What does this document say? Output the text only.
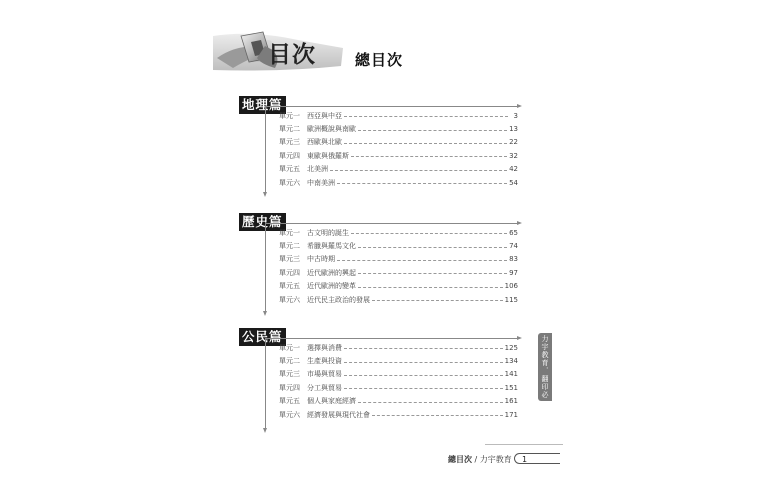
目次	總目次
地理篇
單元一	西亞與中亞	3
單元二	歐洲概說與南歐	13
單元三	西歐與北歐	22
單元四	東歐與俄羅斯	32
單元五	北美洲	42
單元六	中南美洲	54
歷史篇
單元一	古文明的誕生	65
單元二	希臘與羅馬文化	74
單元三	中古時期	83
單元四	近代歐洲的興起	97
單元五	近代歐洲的變革	106
單元六	近代民主政治的發展	115
公民篇
單元一	選擇與消費	125
單元二	生產與投資	134
單元三	市場與貿易	141
單元四	分工與貿易	151
單元五	個人與家庭經濟	161
單元六	經濟發展與現代社會	171
力宇教育．翻印必究
總目次 / 力宇教育	1
